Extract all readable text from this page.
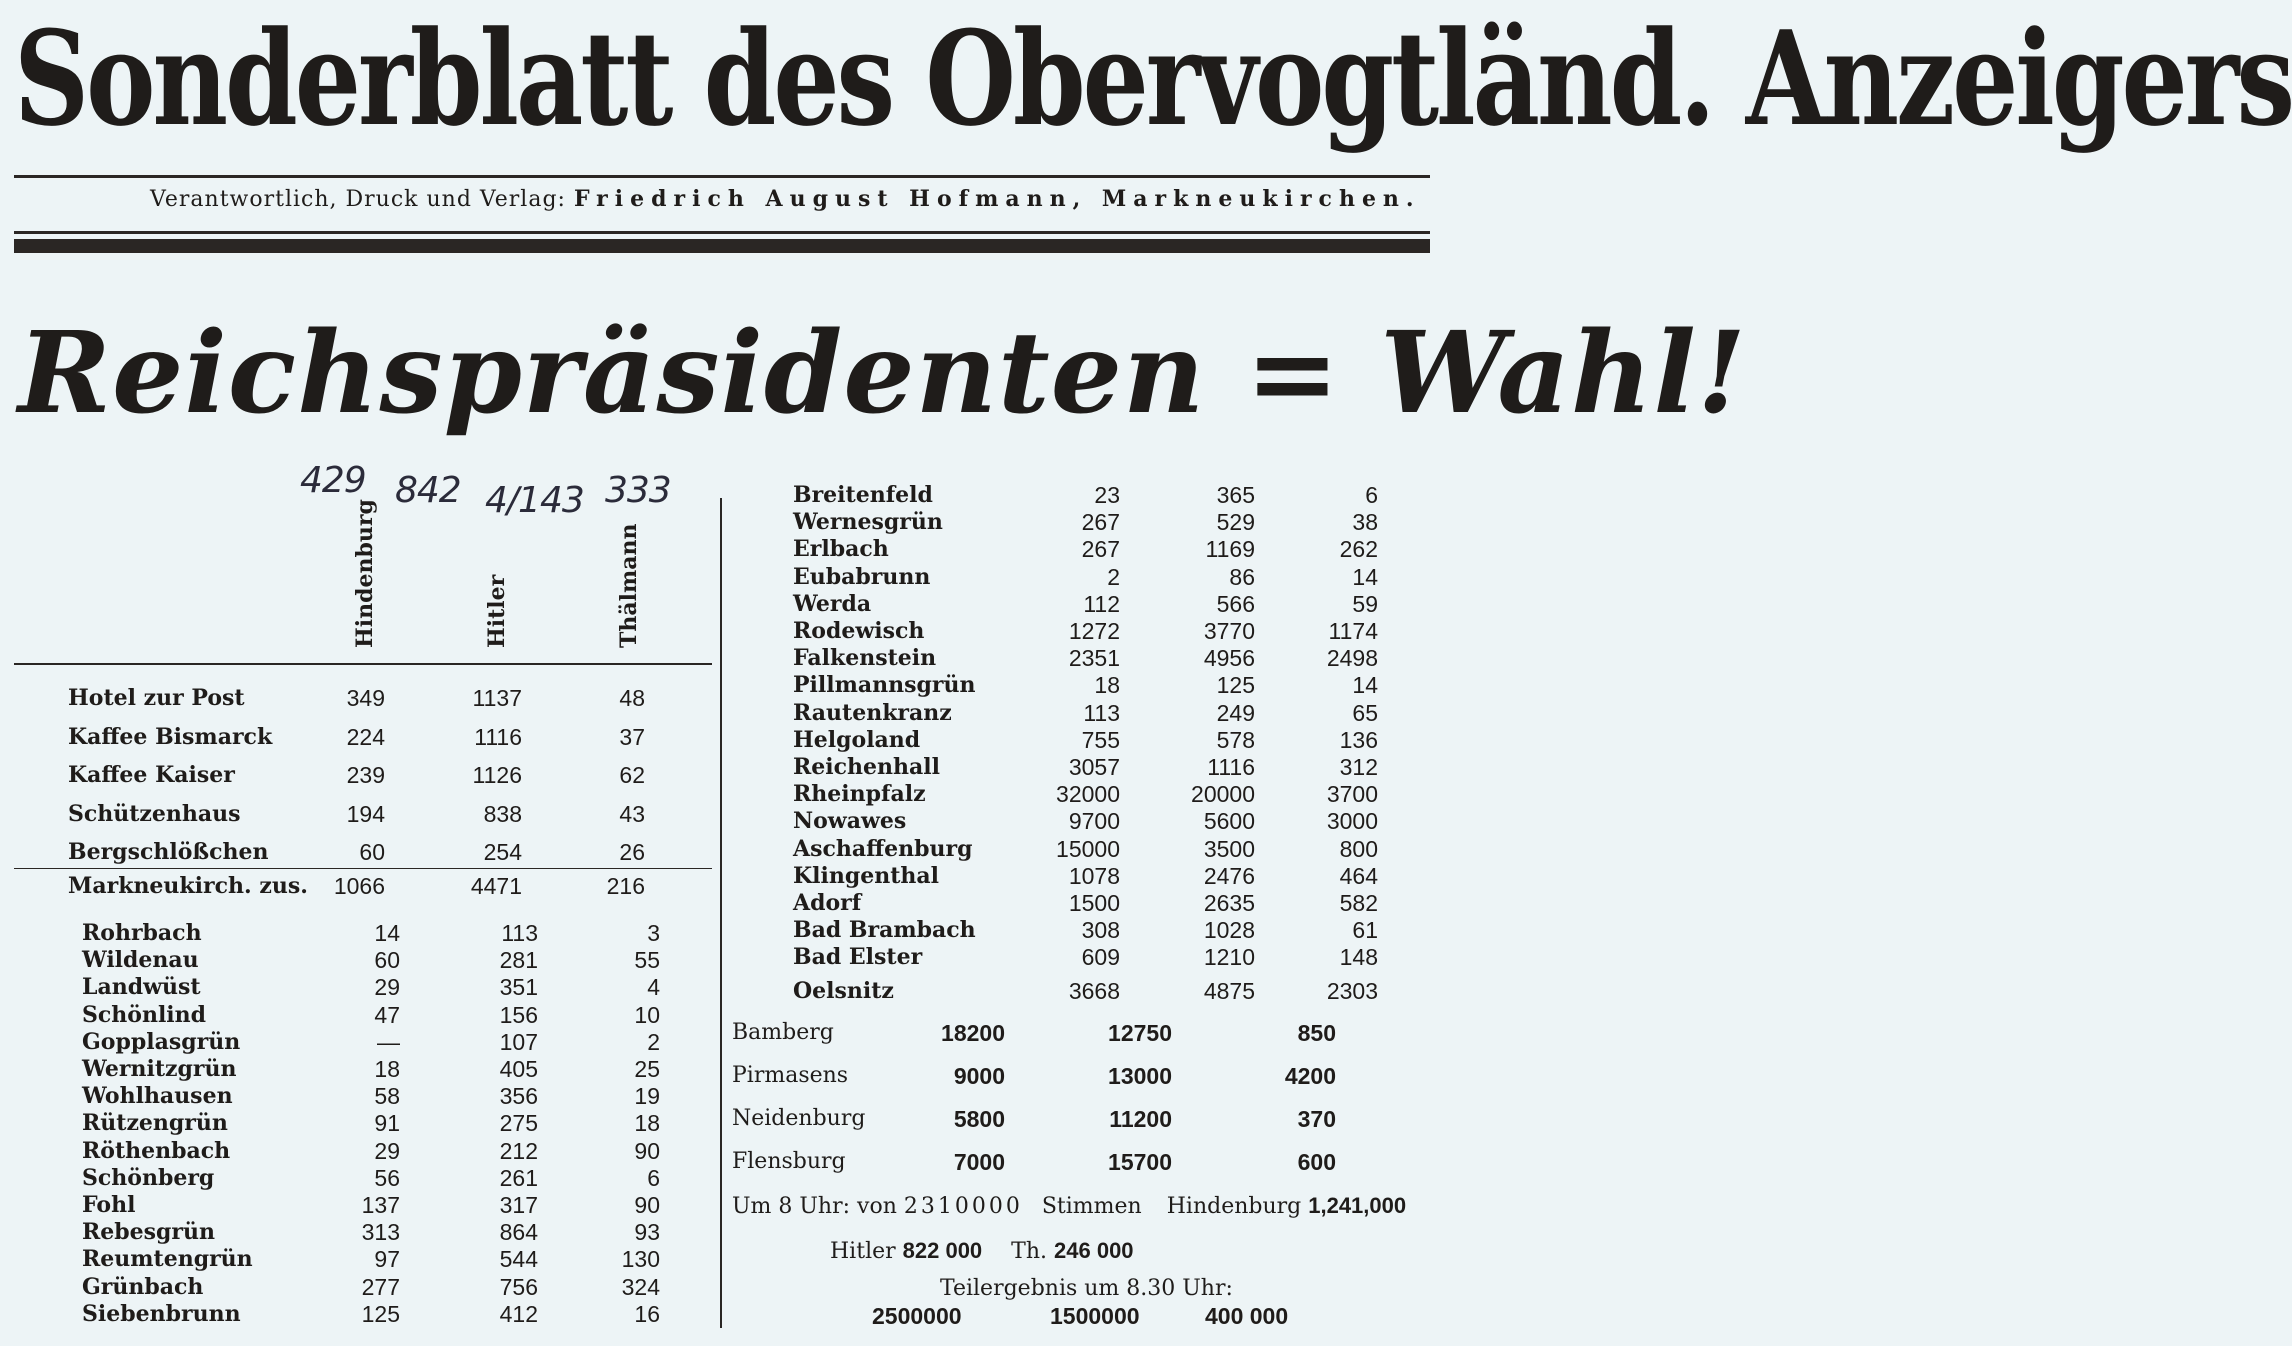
Sonderblatt des Obervogtländ. Anzeigers
Verantwortlich, Druck und Verlag: Friedrich August Hofmann, Markneukirchen.
Reichspräsidenten = Wahl!
429 842 4/143 333
Hindenburg	Hitler	Thälmann
Hotel zur Post	349	1137	48
Kaffee Bismarck	224	1116	37
Kaffee Kaiser	239	1126	62
Schützenhaus	194	838	43
Bergschlößchen	60	254	26
Markneukirch. zus.	1066	4471	216
Rohrbach	14	113	3
Wildenau	60	281	55
Landwüst	29	351	4
Schönlind	47	156	10
Gopplasgrün	—	107	2
Wernitzgrün	18	405	25
Wohlhausen	58	356	19
Rützengrün	91	275	18
Röthenbach	29	212	90
Schönberg	56	261	6
Fohl	137	317	90
Rebesgrün	313	864	93
Reumtengrün	97	544	130
Grünbach	277	756	324
Siebenbrunn	125	412	16
Breitenfeld	23	365	6
Wernesgrün	267	529	38
Erlbach	267	1169	262
Eubabrunn	2	86	14
Werda	112	566	59
Rodewisch	1272	3770	1174
Falkenstein	2351	4956	2498
Pillmannsgrün	18	125	14
Rautenkranz	113	249	65
Helgoland	755	578	136
Reichenhall	3057	1116	312
Rheinpfalz	32000	20000	3700
Nowawes	9700	5600	3000
Aschaffenburg	15000	3500	800
Klingenthal	1078	2476	464
Adorf	1500	2635	582
Bad Brambach	308	1028	61
Bad Elster	609	1210	148
Oelsnitz	3668	4875	2303
Bamberg	18200	12750	850
Pirmasens	9000	13000	4200
Neidenburg	5800	11200	370
Flensburg	7000	15700	600
Um 8 Uhr: von 2310000 Stimmen Hindenburg 1,241,000
Hitler 822 000 Th. 246 000
Teilergebnis um 8.30 Uhr:
2500000	1500000	400 000
